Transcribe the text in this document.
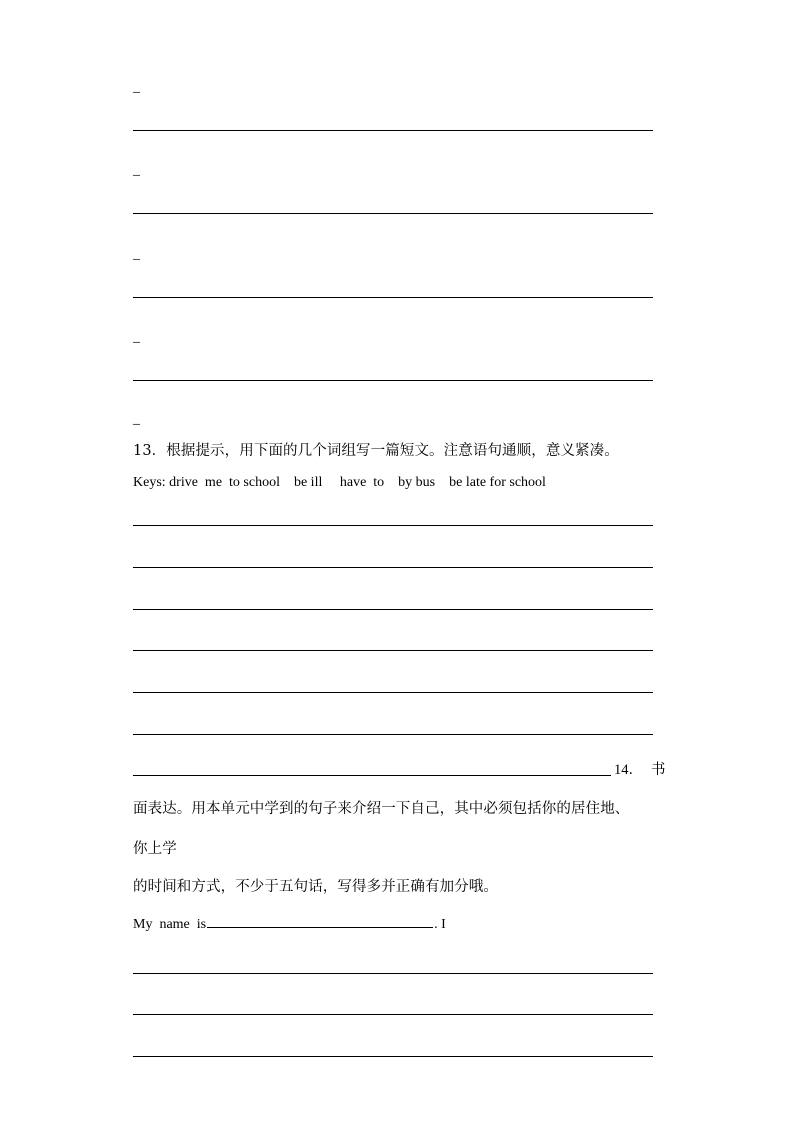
_
_
_
_
_
13．根据提示，用下面的几个词组写一篇短文。注意语句通顺，意义紧凑。
Keys: drive  me  to school    be ill     have  to    by bus    be late for school
14． 书
面表达。用本单元中学到的句子来介绍一下自己，其中必须包括你的居住地、
你上学
的时间和方式，不少于五句话，写得多并正确有加分哦。
My  name  is	. I
